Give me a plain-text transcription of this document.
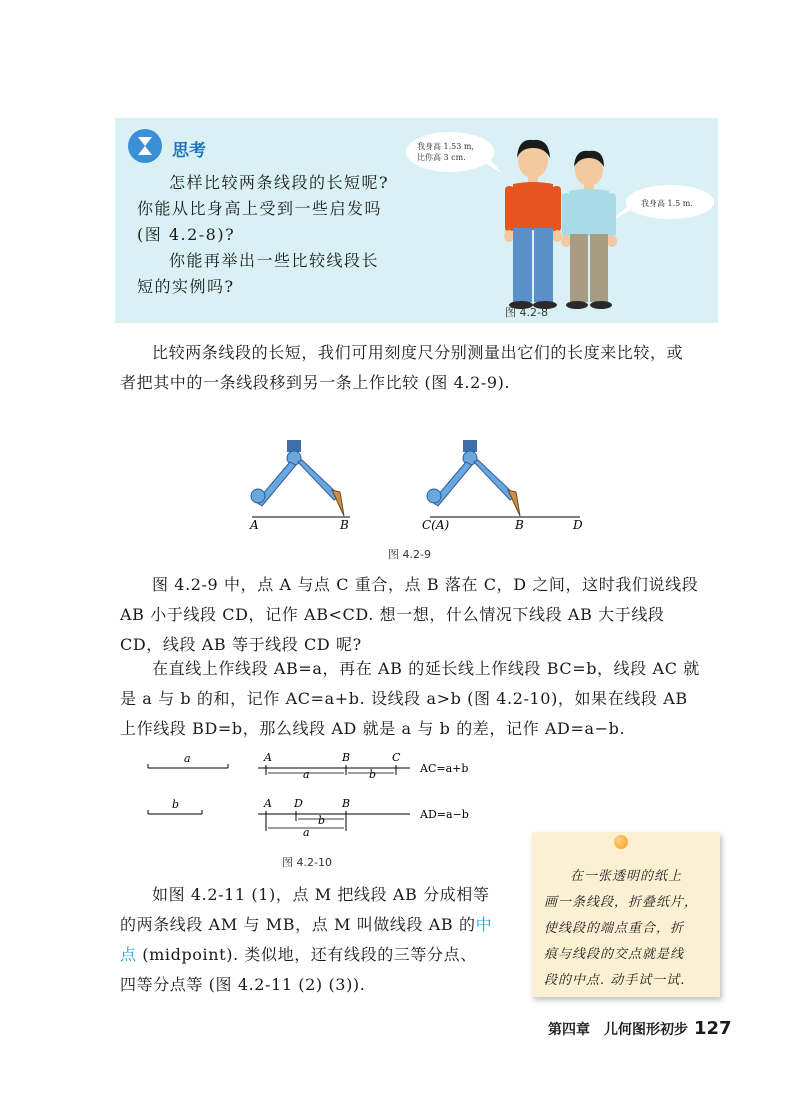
思考

怎样比较两条线段的长短呢?

你能从比身高上受到一些启发吗

(图 4.2-8)?

你能再举出一些比较线段长

短的实例吗?

我身高 1.53 m,
比你高 3 cm.
我身高 1.5 m.
图 4.2-8
比较两条线段的长短，我们可用刻度尺分别测量出它们的长度来比较，或
者把其中的一条线段移到另一条上作比较 (图 4.2-9).
A	B	C(A)	B	D
图 4.2-9
图 4.2-9 中，点 A 与点 C 重合，点 B 落在 C，D 之间，这时我们说线段
AB 小于线段 CD，记作 AB<CD. 想一想，什么情况下线段 AB 大于线段
CD，线段 AB 等于线段 CD 呢?
在直线上作线段 AB=a，再在 AB 的延长线上作线段 BC=b，线段 AC 就
是 a 与 b 的和，记作 AC=a+b. 设线段 a>b (图 4.2-10)，如果在线段 AB
上作线段 BD=b，那么线段 AD 就是 a 与 b 的差，记作 AD=a−b.
a
b
A	B	C
a	b	AC=a+b
A D	B
b
a
AD=a−b
图 4.2-10
如图 4.2-11 (1)，点 M 把线段 AB 分成相等
的两条线段 AM 与 MB，点 M 叫做线段 AB 的中
点 (midpoint). 类似地，还有线段的三等分点、
四等分点等 (图 4.2-11 (2) (3)).
在一张透明的纸上
画一条线段，折叠纸片，
使线段的端点重合，折
痕与线段的交点就是线
段的中点. 动手试一试.
第四章　儿何图形初步 127
